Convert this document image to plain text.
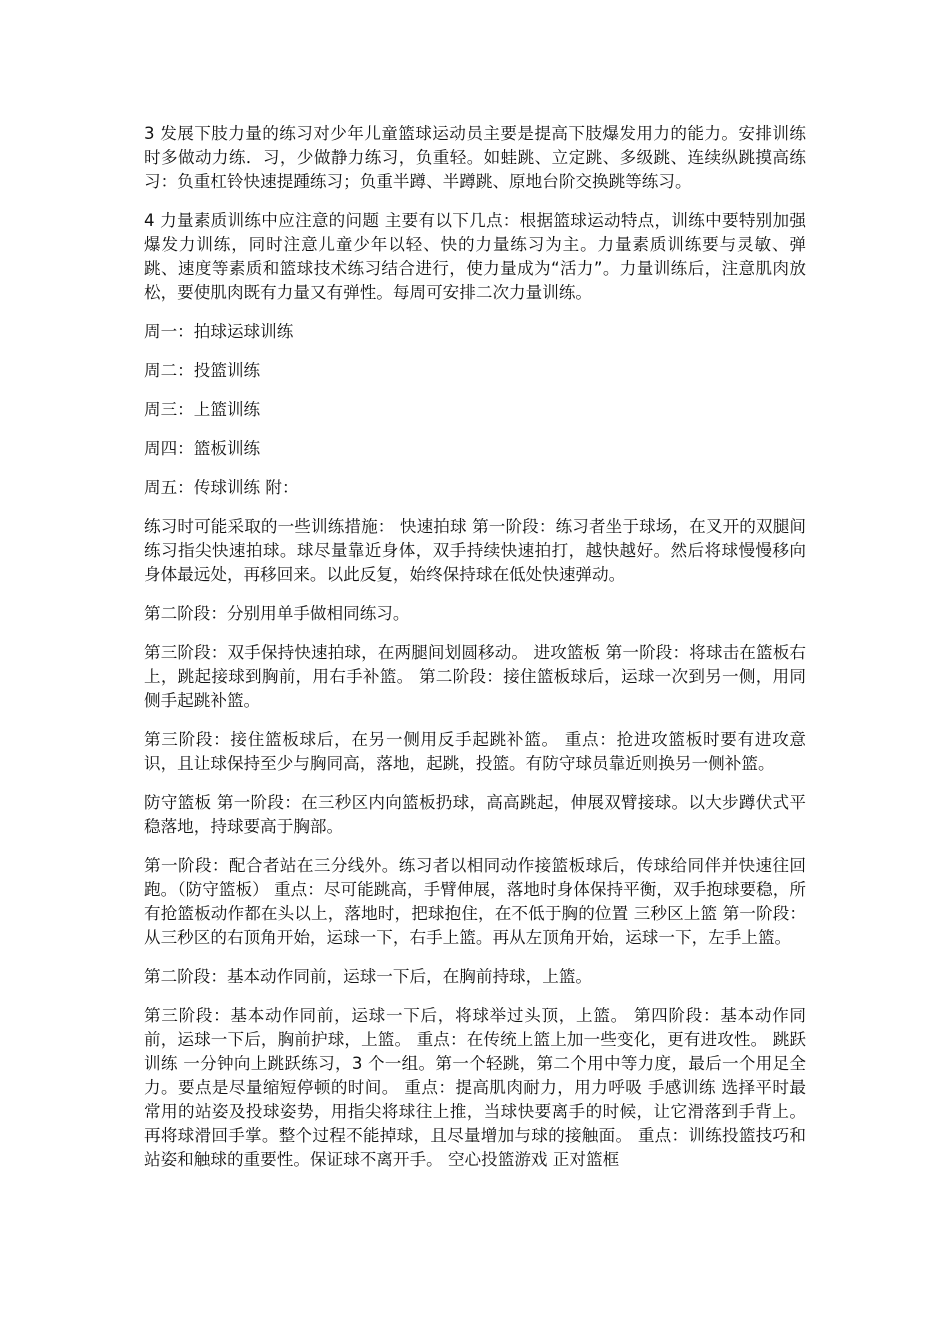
3 发展下肢力量的练习对少年儿童篮球运动员主要是提高下肢爆发用力的能力。安排训练时多做动力练．习，少做静力练习，负重轻。如蛙跳、立定跳、多级跳、连续纵跳摸高练习：负重杠铃快速提踵练习；负重半蹲、半蹲跳、原地台阶交换跳等练习。

4 力量素质训练中应注意的问题 主要有以下几点：根据篮球运动特点，训练中要特别加强爆发力训练，同时注意儿童少年以轻、快的力量练习为主。力量素质训练要与灵敏、弹跳、速度等素质和篮球技术练习结合进行，使力量成为“活力”。力量训练后，注意肌肉放松，要使肌肉既有力量又有弹性。每周可安排二次力量训练。

周一：拍球运球训练

周二：投篮训练

周三：上篮训练

周四：篮板训练

周五：传球训练 附：

练习时可能采取的一些训练措施： 快速拍球 第一阶段：练习者坐于球场，在叉开的双腿间练习指尖快速拍球。球尽量靠近身体，双手持续快速拍打，越快越好。然后将球慢慢移向身体最远处，再移回来。以此反复，始终保持球在低处快速弹动。

第二阶段：分别用单手做相同练习。

第三阶段：双手保持快速拍球，在两腿间划圆移动。 进攻篮板 第一阶段：将球击在篮板右上，跳起接球到胸前，用右手补篮。 第二阶段：接住篮板球后，运球一次到另一侧，用同侧手起跳补篮。

第三阶段：接住篮板球后，在另一侧用反手起跳补篮。 重点：抢进攻篮板时要有进攻意识，且让球保持至少与胸同高，落地，起跳，投篮。有防守球员靠近则换另一侧补篮。

防守篮板 第一阶段：在三秒区内向篮板扔球，高高跳起，伸展双臂接球。以大步蹲伏式平稳落地，持球要高于胸部。

第一阶段：配合者站在三分线外。练习者以相同动作接篮板球后，传球给同伴并快速往回跑。（防守篮板） 重点：尽可能跳高，手臂伸展，落地时身体保持平衡，双手抱球要稳，所有抢篮板动作都在头以上，落地时，把球抱住，在不低于胸的位置 三秒区上篮 第一阶段：从三秒区的右顶角开始，运球一下，右手上篮。再从左顶角开始，运球一下，左手上篮。

第二阶段：基本动作同前，运球一下后，在胸前持球，上篮。

第三阶段：基本动作同前，运球一下后，将球举过头顶，上篮。 第四阶段：基本动作同前，运球一下后，胸前护球，上篮。 重点：在传统上篮上加一些变化，更有进攻性。 跳跃训练 一分钟向上跳跃练习，3 个一组。第一个轻跳，第二个用中等力度，最后一个用足全力。要点是尽量缩短停顿的时间。 重点：提高肌肉耐力，用力呼吸 手感训练 选择平时最常用的站姿及投球姿势，用指尖将球往上推，当球快要离手的时候，让它滑落到手背上。再将球滑回手掌。整个过程不能掉球，且尽量增加与球的接触面。 重点：训练投篮技巧和站姿和触球的重要性。保证球不离开手。 空心投篮游戏 正对篮框
